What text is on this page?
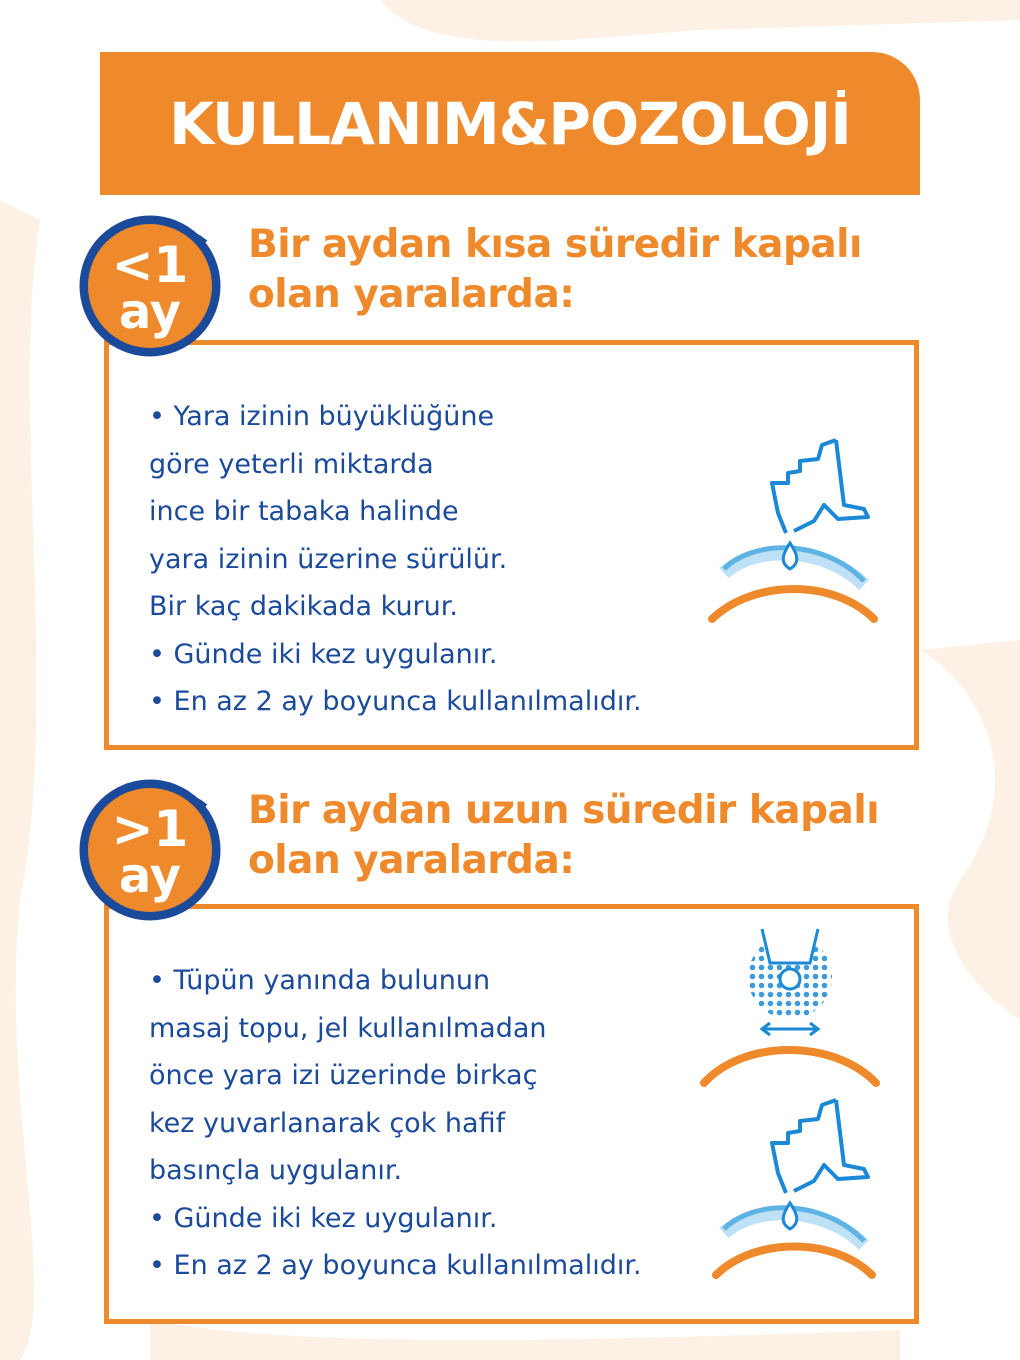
KULLANIM&POZOLOJİ
<1
ay
Bir aydan kısa süredir kapalı
olan yaralarda:
• Yara izinin büyüklüğüne
göre yeterli miktarda
ince bir tabaka halinde
yara izinin üzerine sürülür.
Bir kaç dakikada kurur.
• Günde iki kez uygulanır.
• En az 2 ay boyunca kullanılmalıdır.
>1
ay
Bir aydan uzun süredir kapalı
olan yaralarda:
• Tüpün yanında bulunun
masaj topu, jel kullanılmadan
önce yara izi üzerinde birkaç
kez yuvarlanarak çok hafif
basınçla uygulanır.
• Günde iki kez uygulanır.
• En az 2 ay boyunca kullanılmalıdır.
